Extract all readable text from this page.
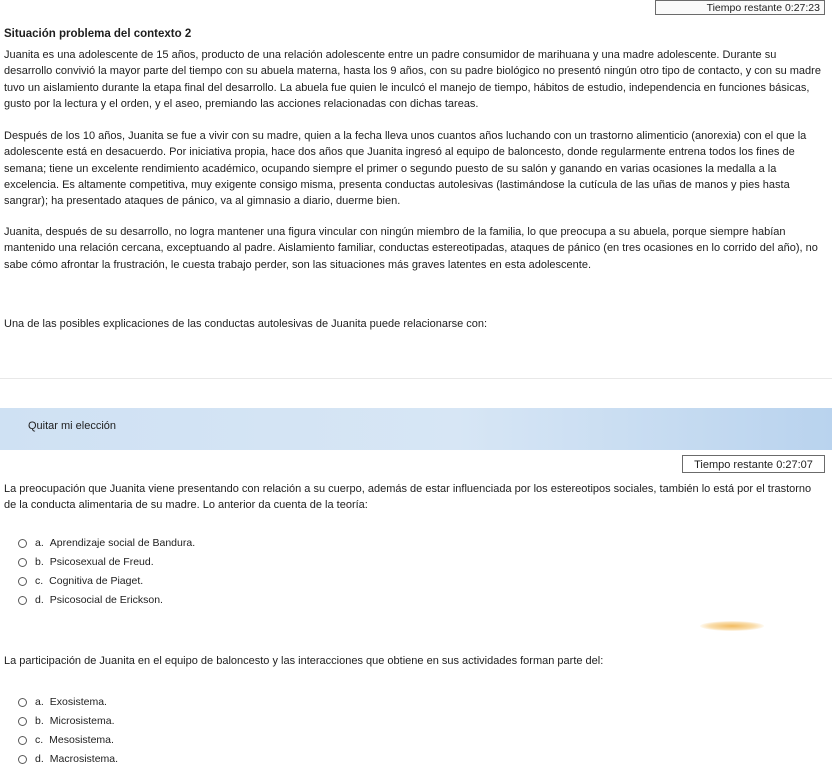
Tiempo restante 0:27:23
Situación problema del contexto 2

Juanita es una adolescente de 15 años, producto de una relación adolescente entre un padre consumidor de marihuana y una madre adolescente. Durante su desarrollo convivió la mayor parte del tiempo con su abuela materna, hasta los 9 años, con su padre biológico no presentó ningún otro tipo de contacto, y con su madre tuvo un aislamiento durante la etapa final del desarrollo. La abuela fue quien le inculcó el manejo de tiempo, hábitos de estudio, independencia en funciones básicas, gusto por la lectura y el orden, y el aseo, premiando las acciones relacionadas con dichas tareas.

Después de los 10 años, Juanita se fue a vivir con su madre, quien a la fecha lleva unos cuantos años luchando con un trastorno alimenticio (anorexia) con el que la adolescente está en desacuerdo. Por iniciativa propia, hace dos años que Juanita ingresó al equipo de baloncesto, donde regularmente entrena todos los fines de semana; tiene un excelente rendimiento académico, ocupando siempre el primer o segundo puesto de su salón y ganando en varias ocasiones la medalla a la excelencia. Es altamente competitiva, muy exigente consigo misma, presenta conductas autolesivas (lastimándose la cutícula de las uñas de manos y pies hasta sangrar); ha presentado ataques de pánico, va al gimnasio a diario, duerme bien.

Juanita, después de su desarrollo, no logra mantener una figura vincular con ningún miembro de la familia, lo que preocupa a su abuela, porque siempre habían mantenido una relación cercana, exceptuando al padre. Aislamiento familiar, conductas estereotipadas, ataques de pánico (en tres ocasiones en lo corrido del año), no sabe cómo afrontar la frustración, le cuesta trabajo perder, son las situaciones más graves latentes en esta adolescente.

Una de las posibles explicaciones de las conductas autolesivas de Juanita puede relacionarse con:
Quitar mi elección
Tiempo restante 0:27:07

La preocupación que Juanita viene presentando con relación a su cuerpo, además de estar influenciada por los estereotipos sociales, también lo está por el trastorno de la conducta alimentaria de su madre. Lo anterior da cuenta de la teoría:

a. Aprendizaje social de Bandura.
b. Psicosexual de Freud.
c. Cognitiva de Piaget.
d. Psicosocial de Erickson.
La participación de Juanita en el equipo de baloncesto y las interacciones que obtiene en sus actividades forman parte del:
a. Exosistema.
b. Microsistema.
c. Mesosistema.
d. Macrosistema.
